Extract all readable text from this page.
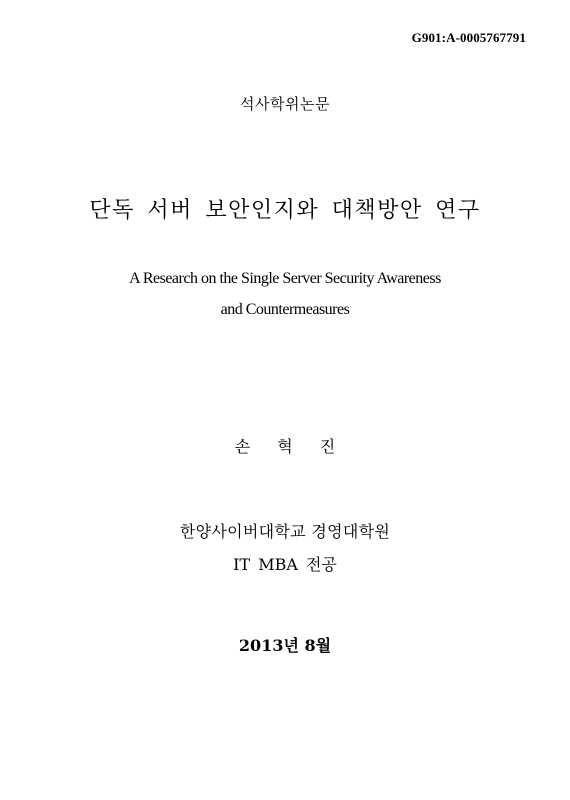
G901:A-0005767791
석사학위논문
단독 서버 보안인지와 대책방안 연구
A Research on the Single Server Security Awareness
and Countermeasures
손 혁 진
한양사이버대학교 경영대학원
IT MBA 전공
2013년 8월
